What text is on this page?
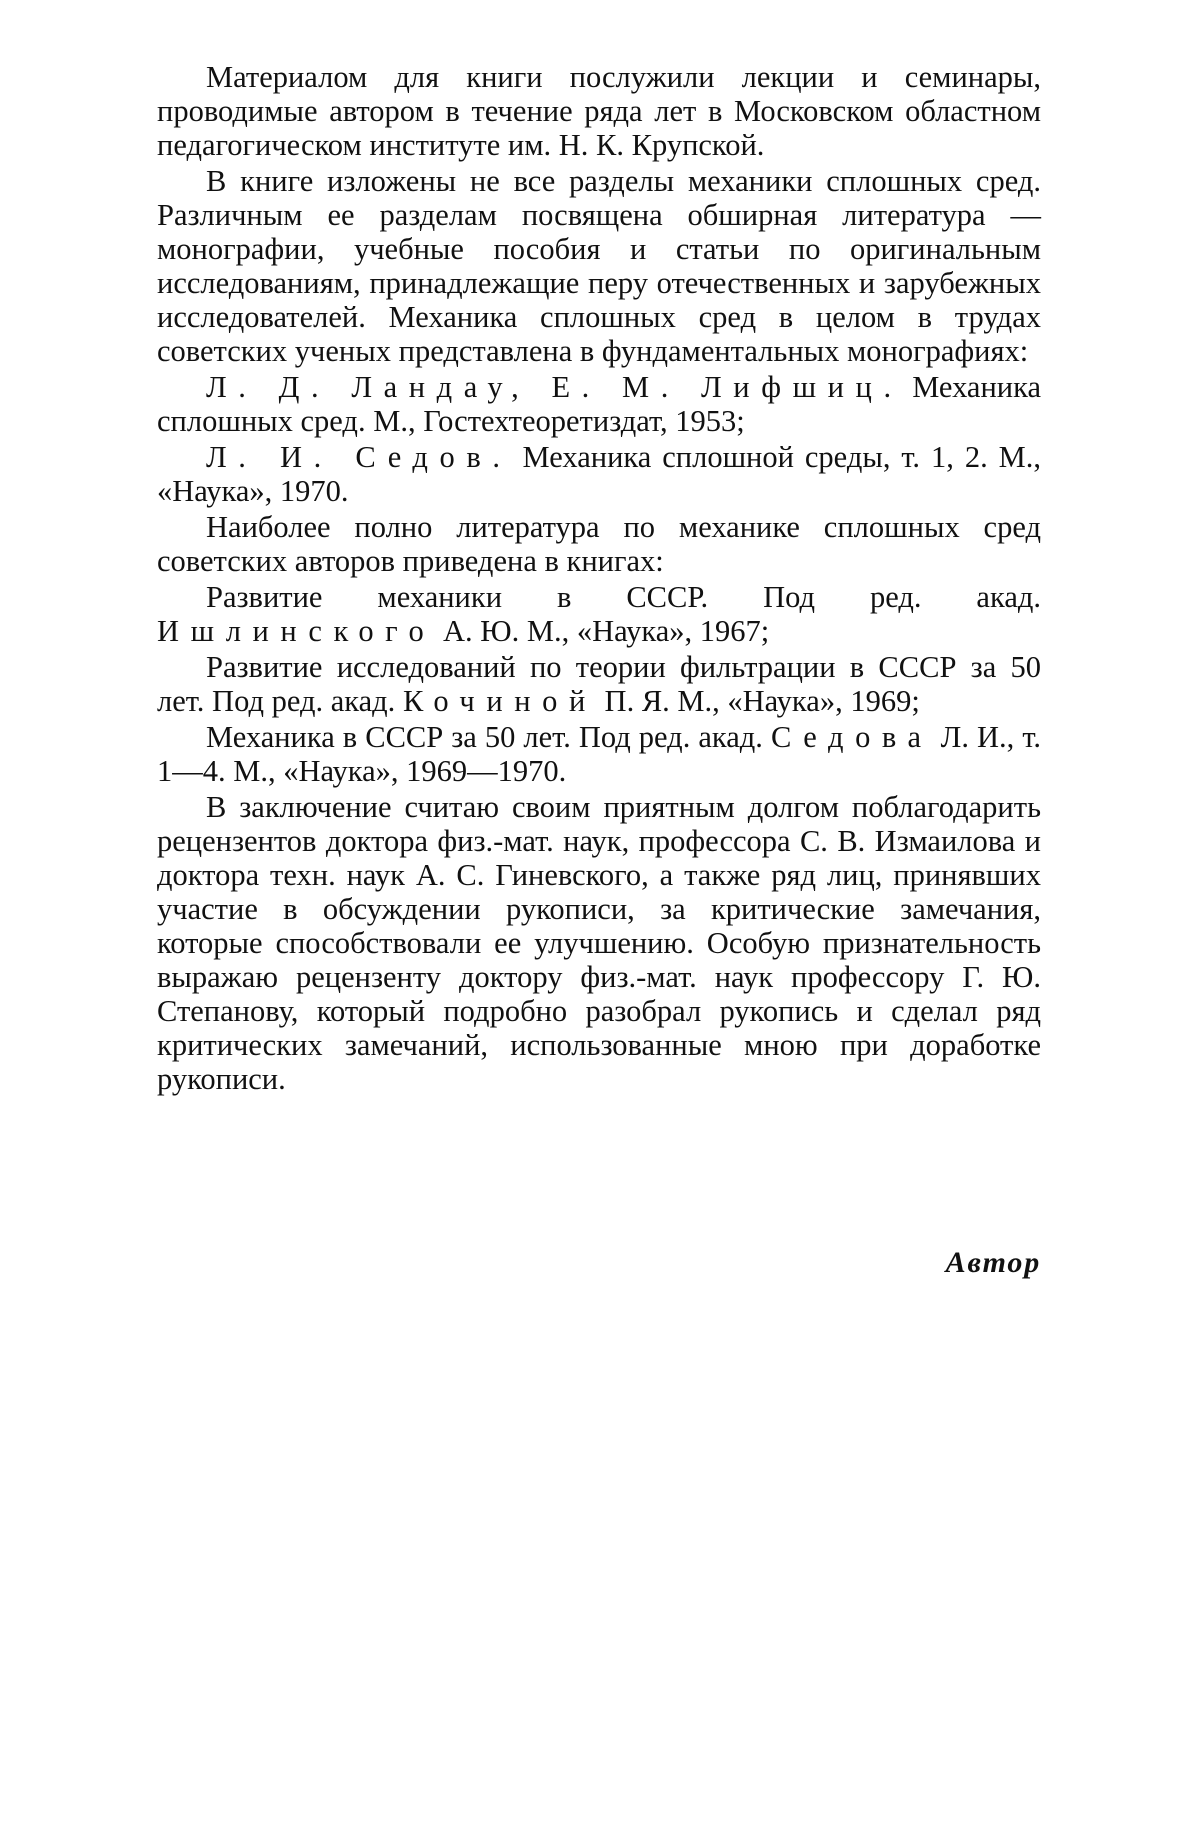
Материалом для книги послужили лекции и семинары, проводимые автором в течение ряда лет в Московском областном педагогическом институте им. Н. К. Крупской.

В книге изложены не все разделы механики сплошных сред. Различным ее разделам посвящена обширная литература — монографии, учебные пособия и статьи по оригинальным исследованиям, принадлежащие перу отечественных и зарубежных исследователей. Механика сплошных сред в целом в трудах советских ученых представлена в фундаментальных монографиях:

Л. Д. Ландау, Е. М. Лифшиц. Механика сплошных сред. М., Гостехтеоретиздат, 1953;

Л. И. Седов. Механика сплошной среды, т. 1, 2. М., «Наука», 1970.

Наиболее полно литература по механике сплошных сред советских авторов приведена в книгах:

Развитие механики в СССР. Под ред. акад. Ишлинского А. Ю. М., «Наука», 1967;

Развитие исследований по теории фильтрации в СССР за 50 лет. Под ред. акад. Кочиной П. Я. М., «Наука», 1969;

Механика в СССР за 50 лет. Под ред. акад. Седова Л. И., т. 1—4. М., «Наука», 1969—1970.

В заключение считаю своим приятным долгом поблагодарить рецензентов доктора физ.-мат. наук, профессора С. В. Измаилова и доктора техн. наук А. С. Гиневского, а также ряд лиц, принявших участие в обсуждении рукописи, за критические замечания, которые способствовали ее улучшению. Особую признательность выражаю рецензенту доктору физ.-мат. наук профессору Г. Ю. Степанову, который подробно разобрал рукопись и сделал ряд критических замечаний, использованные мною при доработке рукописи.

Автор
